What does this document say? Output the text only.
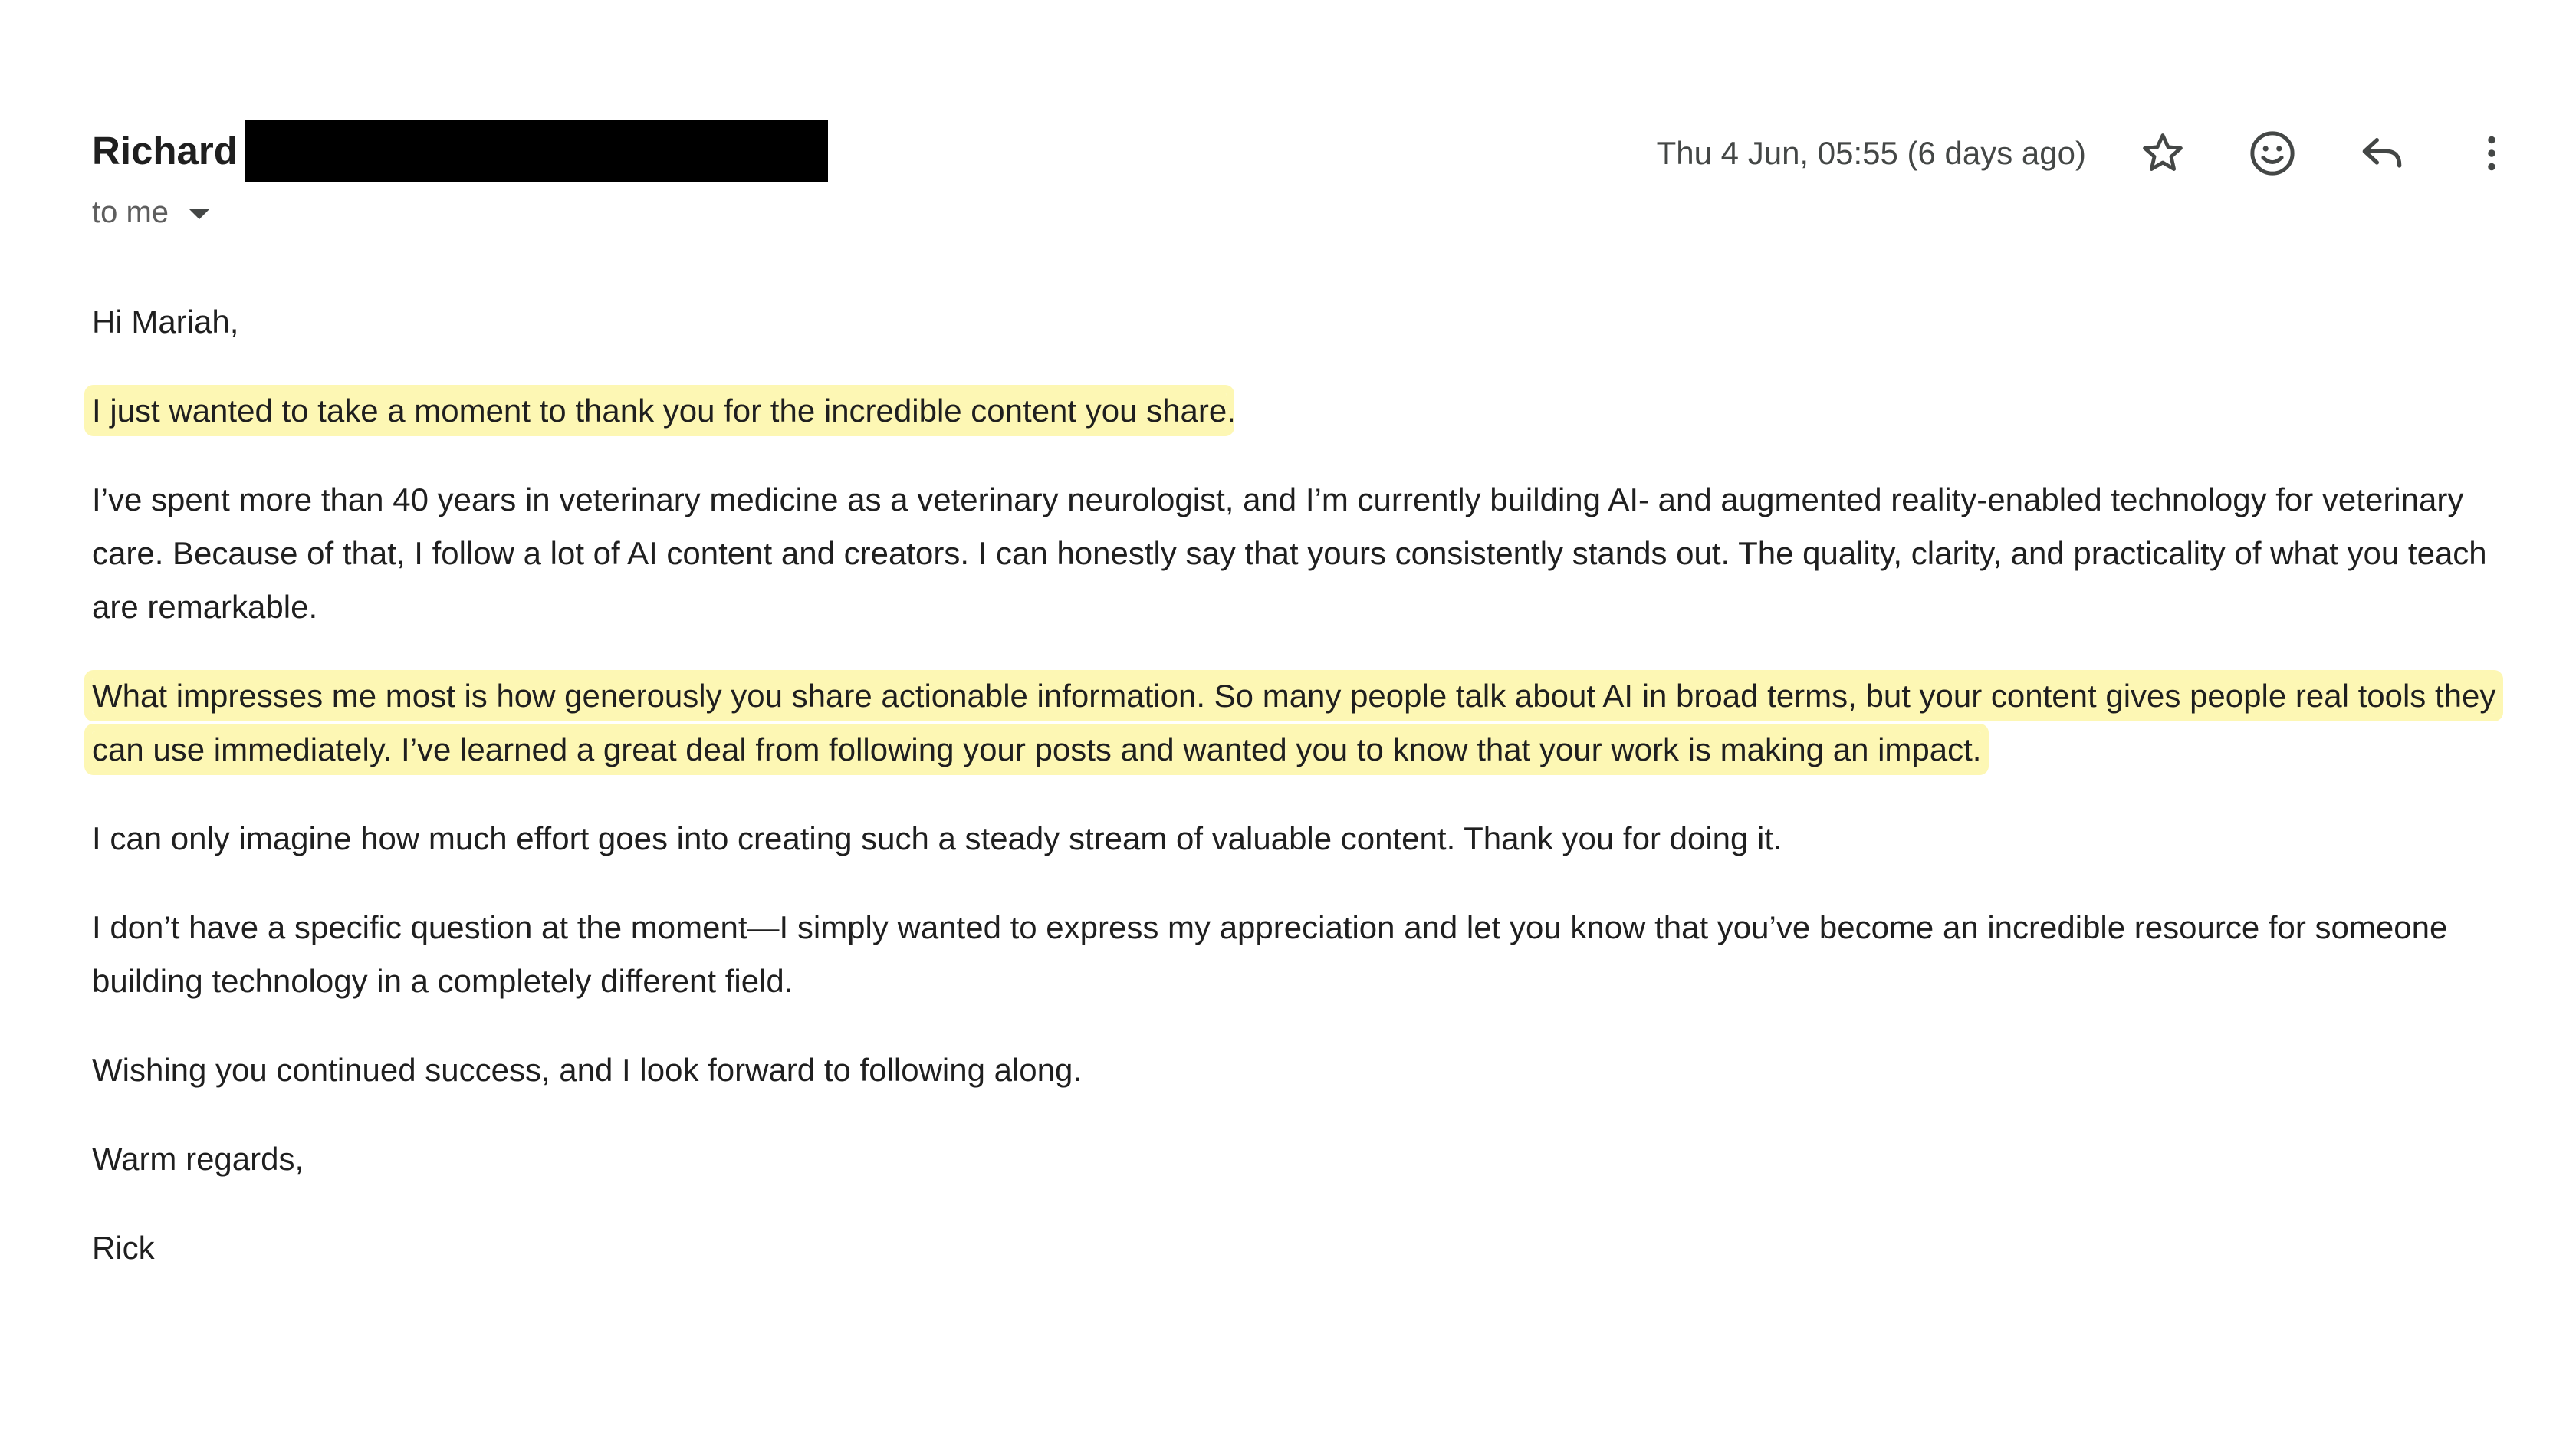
Richard
to me
Thu 4 Jun, 05:55 (6 days ago)

Hi Mariah,

I just wanted to take a moment to thank you for the incredible content you share.

I’ve spent more than 40 years in veterinary medicine as a veterinary neurologist, and I’m currently building AI- and augmented reality-enabled technology for veterinary care. Because of that, I follow a lot of AI content and creators. I can honestly say that yours consistently stands out. The quality, clarity, and practicality of what you teach are remarkable.

What impresses me most is how generously you share actionable information. So many people talk about AI in broad terms, but your content gives people real tools they can use immediately. I’ve learned a great deal from following your posts and wanted you to know that your work is making an impact.

I can only imagine how much effort goes into creating such a steady stream of valuable content. Thank you for doing it.

I don’t have a specific question at the moment—I simply wanted to express my appreciation and let you know that you’ve become an incredible resource for someone building technology in a completely different field.

Wishing you continued success, and I look forward to following along.

Warm regards,

Rick
